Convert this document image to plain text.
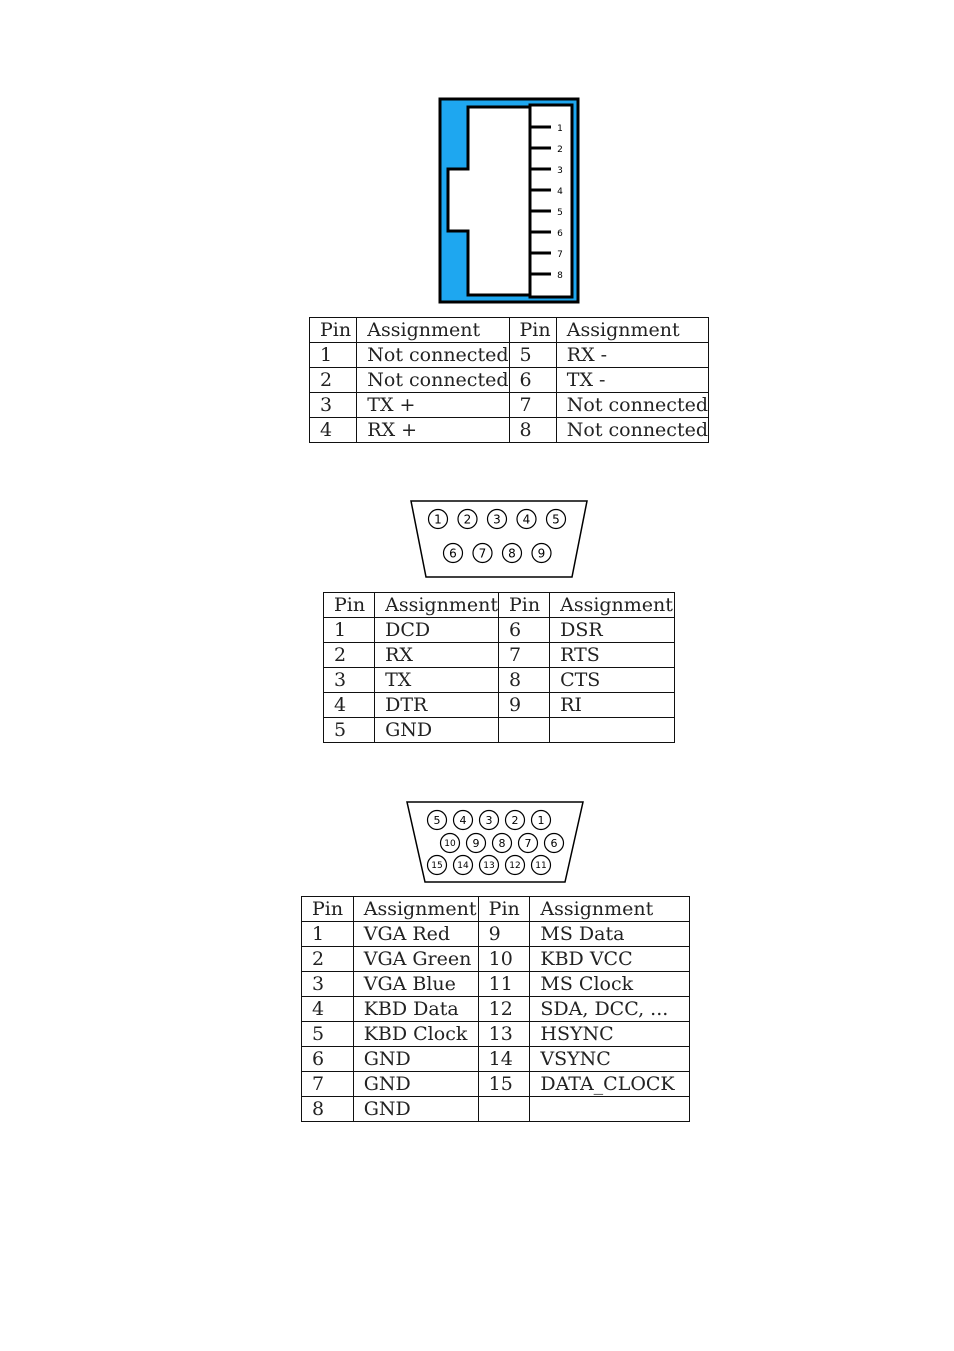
1
2
3
4
5
6
7
8
Pin	Assignment	Pin	Assignment
1	Not connected	5	RX -
2	Not connected	6	TX -
3	TX +	7	Not connected
4	RX +	8	Not connected
1 2 3 4 5
6 7 8 9
Pin	Assignment	Pin	Assignment
1	DCD	6	DSR
2	RX	7	RTS
3	TX	8	CTS
4	DTR	9	RI
5	GND		
5 4 3 2 1
10 9 8 7 6
15 14 13 12 11
Pin	Assignment	Pin	Assignment
1	VGA Red	9	MS Data
2	VGA Green	10	KBD VCC
3	VGA Blue	11	MS Clock
4	KBD Data	12	SDA, DCC, ...
5	KBD Clock	13	HSYNC
6	GND	14	VSYNC
7	GND	15	DATA_CLOCK
8	GND		
